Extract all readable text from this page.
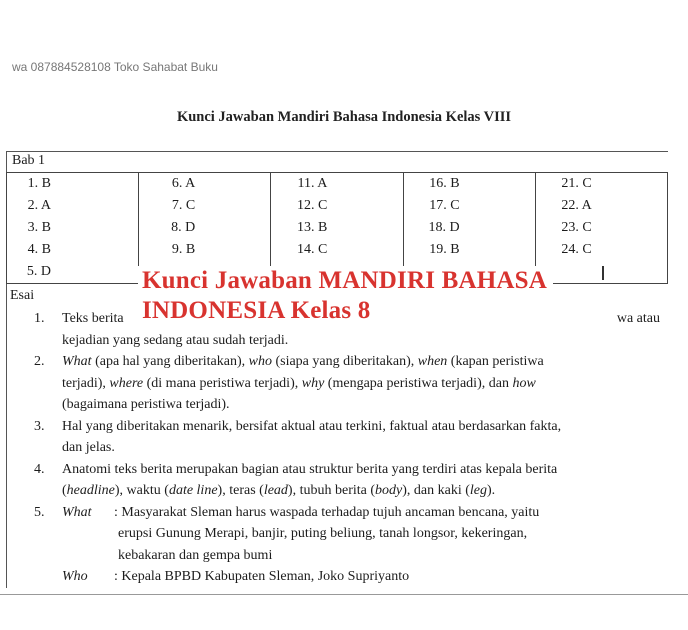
wa 087884528108 Toko Sahabat Buku
Kunci Jawaban Mandiri Bahasa Indonesia Kelas VIII
Bab 1
1. B	6. A	11. A	16. B	21. C
2. A	7. C	12. C	17. C	22. A
3. B	8. D	13. B	18. D	23. C
4. B	9. B	14. C	19. B	24. C
5. D				
Esai
1. Teks berita	wa atau

kejadian yang sedang atau sudah terjadi.
2. What (apa hal yang diberitakan), who (siapa yang diberitakan), when (kapan peristiwa
terjadi), where (di mana peristiwa terjadi), why (mengapa peristiwa terjadi), dan how
(bagaimana peristiwa terjadi).
3. Hal yang diberitakan menarik, bersifat aktual atau terkini, faktual atau berdasarkan fakta,
dan jelas.
4. Anatomi teks berita merupakan bagian atau struktur berita yang terdiri atas kepala berita
(headline), waktu (date line), teras (lead), tubuh berita (body), dan kaki (leg).
5. What : Masyarakat Sleman harus waspada terhadap tujuh ancaman bencana, yaitu
erupsi Gunung Merapi, banjir, puting beliung, tanah longsor, kekeringan,
kebakaran dan gempa bumi
Who : Kepala BPBD Kabupaten Sleman, Joko Supriyanto
Kunci Jawaban MANDIRI BAHASA
INDONESIA Kelas 8
